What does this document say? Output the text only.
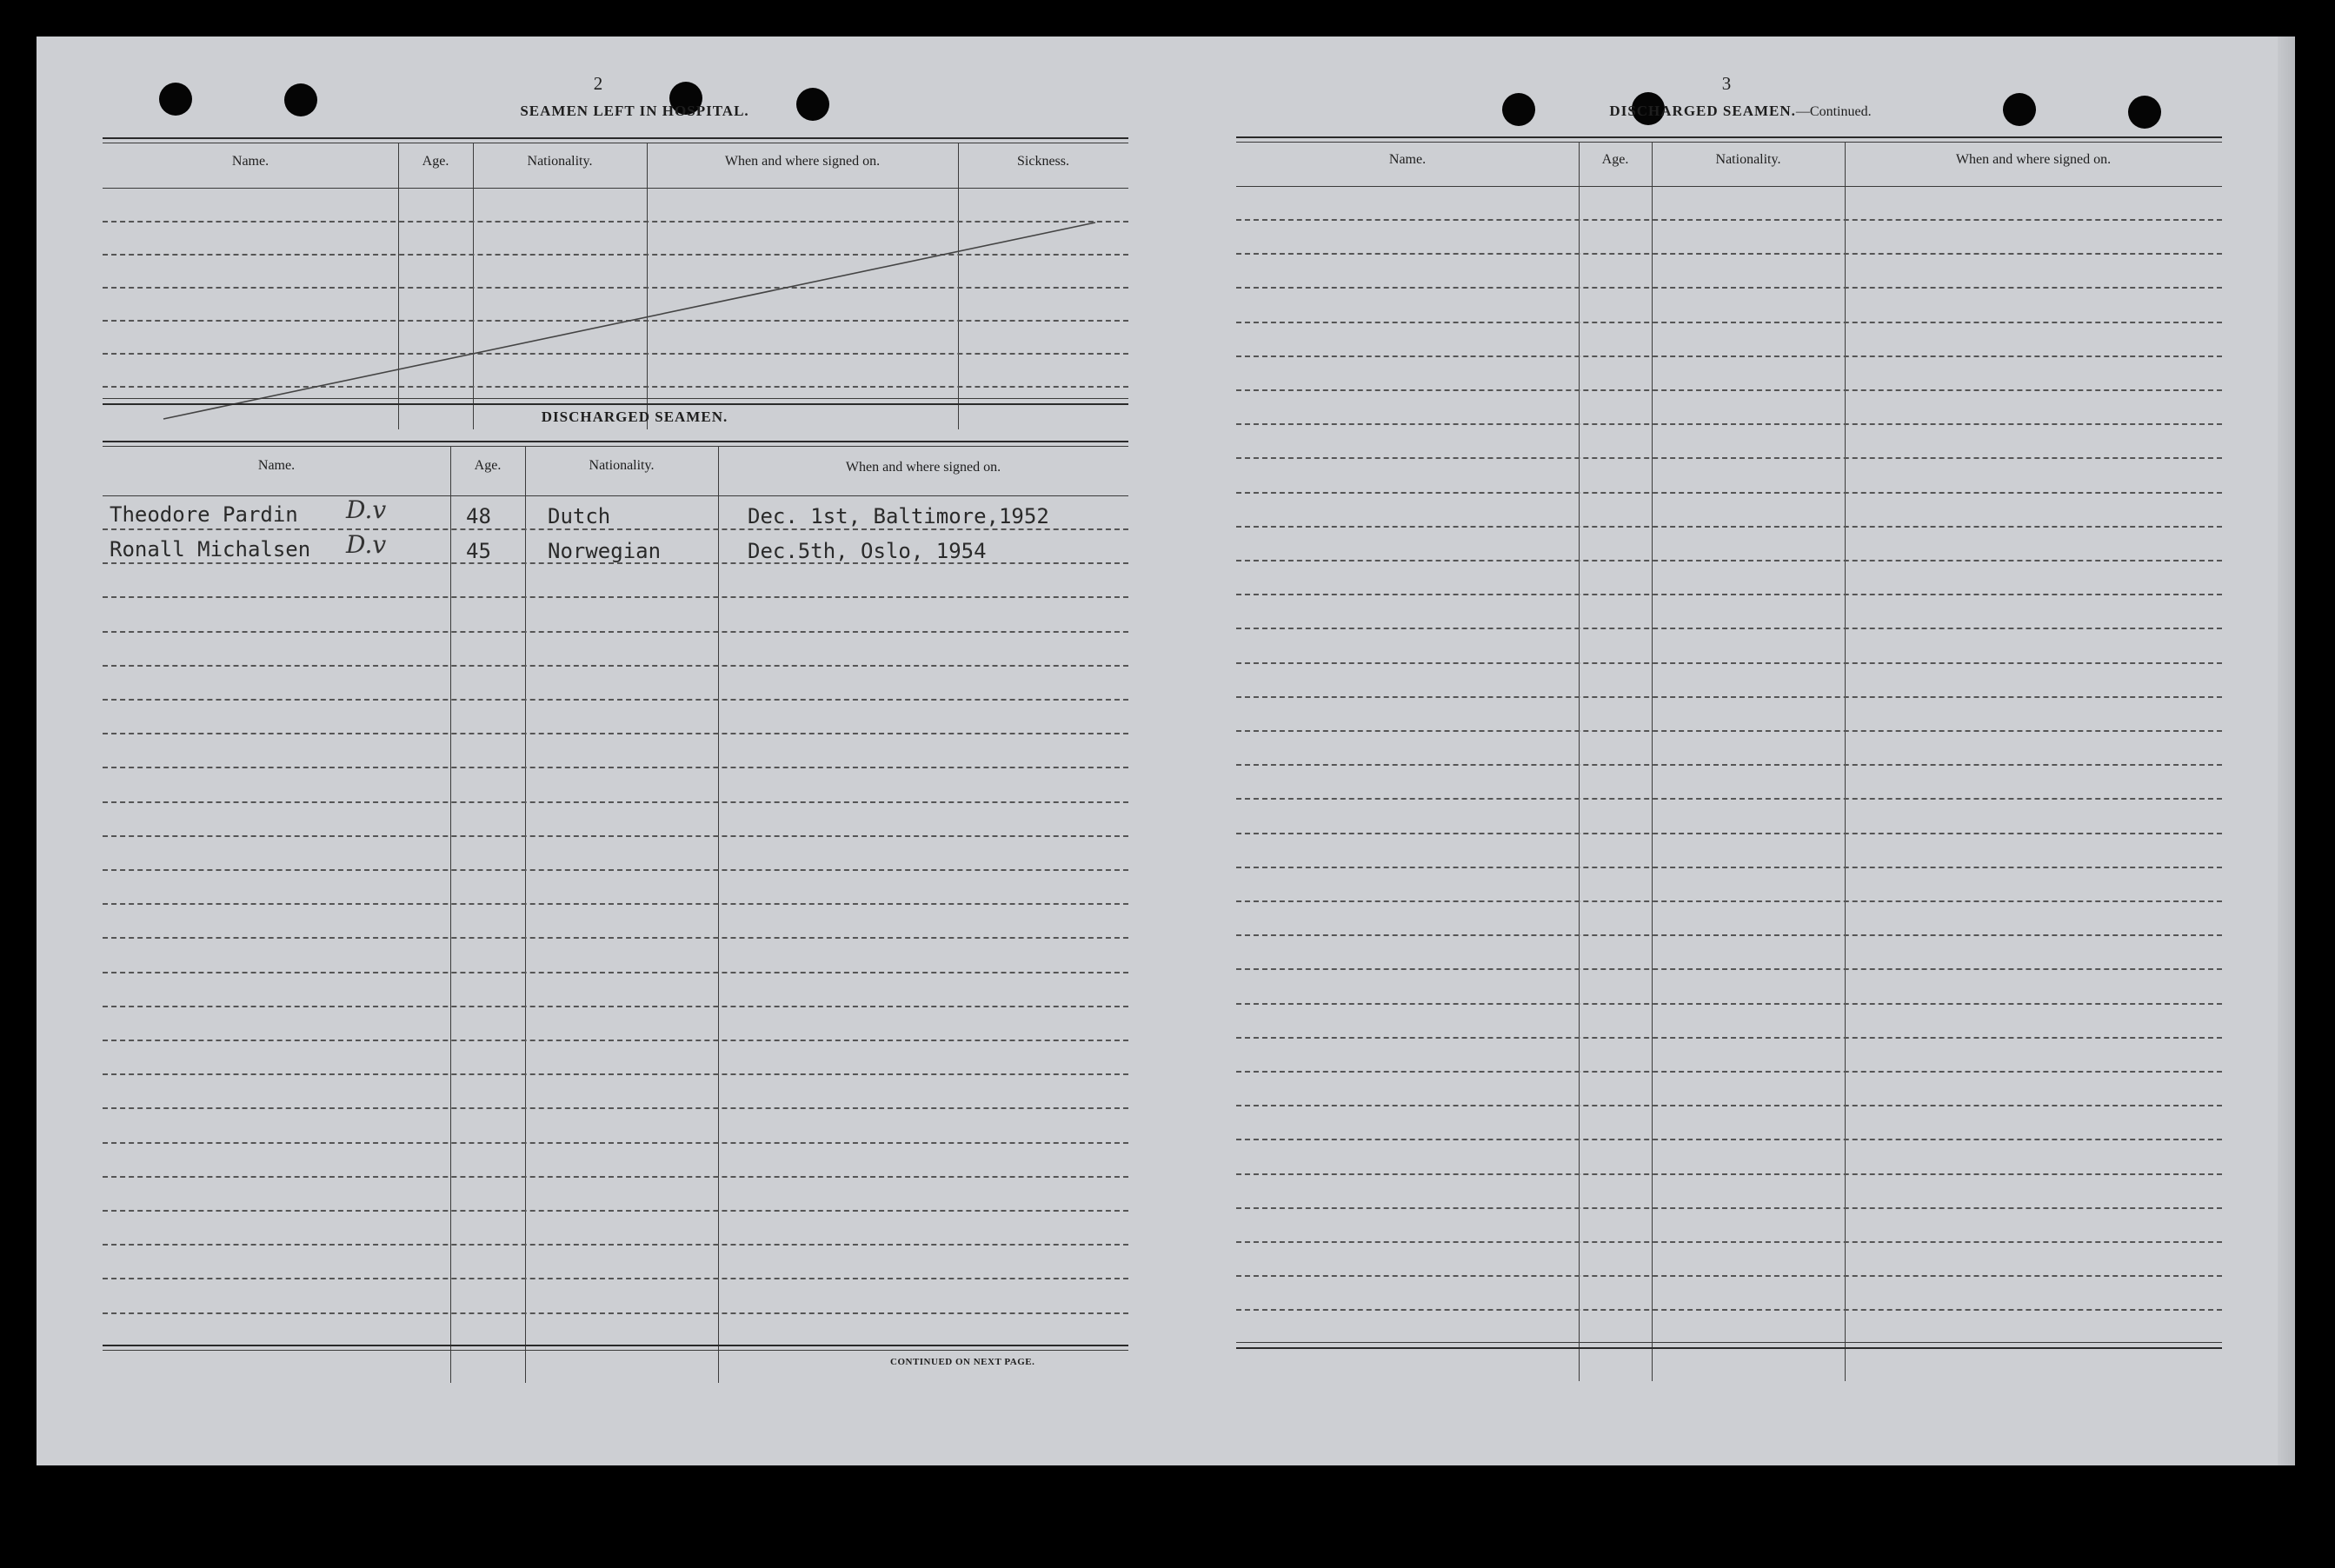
2
SEAMEN LEFT IN HOSPITAL.
Name.	Age.	Nationality.	When and where signed on.	Sickness.
DISCHARGED SEAMEN.
Name.	Age.	Nationality.	When and where signed on.
Theodore Pardin D.v	48	Dutch	Dec. 1st, Baltimore,1952
Ronall Michalsen D.v	45	Norwegian	Dec.5th, Oslo, 1954
CONTINUED ON NEXT PAGE.
3
DISCHARGED SEAMEN.—Continued.
Name.	Age.	Nationality.	When and where signed on.
